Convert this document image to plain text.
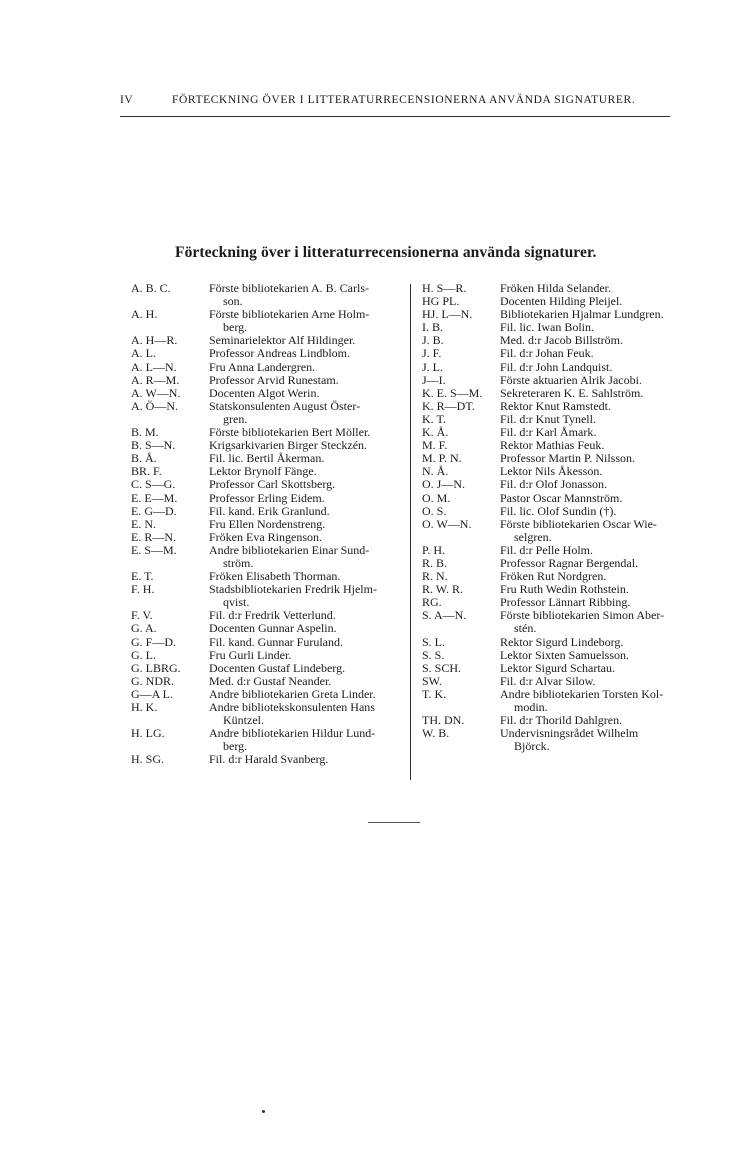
IV	FÖRTECKNING ÖVER I LITTERATURRECENSIONERNA ANVÄNDA SIGNATURER.
Förteckning över i litteraturrecensionerna använda signaturer.
A. B. C.	Förste bibliotekarien A. B. Carls-
son.
A. H.	Förste bibliotekarien Arne Holm-
berg.
A. H—R.	Seminarielektor Alf Hildinger.
A. L.	Professor Andreas Lindblom.
A. L—N.	Fru Anna Landergren.
A. R—M.	Professor Arvid Runestam.
A. W—N.	Docenten Algot Werin.
A. Ö—N.	Statskonsulenten August Öster-
gren.
B. M.	Förste bibliotekarien Bert Möller.
B. S—N.	Krigsarkivarien Birger Steckzén.
B. Å.	Fil. lic. Bertil Åkerman.
BR. F.	Lektor Brynolf Fänge.
C. S—G.	Professor Carl Skottsberg.
E. E—M.	Professor Erling Eidem.
E. G—D.	Fil. kand. Erik Granlund.
E. N.	Fru Ellen Nordenstreng.
E. R—N.	Fröken Eva Ringenson.
E. S—M.	Andre bibliotekarien Einar Sund-
ström.
E. T.	Fröken Elisabeth Thorman.
F. H.	Stadsbibliotekarien Fredrik Hjelm-
qvist.
F. V.	Fil. d:r Fredrik Vetterlund.
G. A.	Docenten Gunnar Aspelin.
G. F—D.	Fil. kand. Gunnar Furuland.
G. L.	Fru Gurli Linder.
G. LBRG.	Docenten Gustaf Lindeberg.
G. NDR.	Med. d:r Gustaf Neander.
G—A L.	Andre bibliotekarien Greta Linder.
H. K.	Andre bibliotekskonsulenten Hans
Küntzel.
H. LG.	Andre bibliotekarien Hildur Lund-
berg.
H. SG.	Fil. d:r Harald Svanberg.
H. S—R.	Fröken Hilda Selander.
HG PL.	Docenten Hilding Pleijel.
HJ. L—N.	Bibliotekarien Hjalmar Lundgren.
I. B.	Fil. lic. Iwan Bolin.
J. B.	Med. d:r Jacob Billström.
J. F.	Fil. d:r Johan Feuk.
J. L.	Fil. d:r John Landquist.
J—I.	Förste aktuarien Alrik Jacobi.
K. E. S—M.	Sekreteraren K. E. Sahlström.
K. R—DT.	Rektor Knut Ramstedt.
K. T.	Fil. d:r Knut Tynell.
K. Å.	Fil. d:r Karl Åmark.
M. F.	Rektor Mathias Feuk.
M. P. N.	Professor Martin P. Nilsson.
N. Å.	Lektor Nils Åkesson.
O. J—N.	Fil. d:r Olof Jonasson.
O. M.	Pastor Oscar Mannström.
O. S.	Fil. lic. Olof Sundin (†).
O. W—N.	Förste bibliotekarien Oscar Wie-
selgren.
P. H.	Fil. d:r Pelle Holm.
R. B.	Professor Ragnar Bergendal.
R. N.	Fröken Rut Nordgren.
R. W. R.	Fru Ruth Wedin Rothstein.
RG.	Professor Lännart Ribbing.
S. A—N.	Förste bibliotekarien Simon Aber-
stén.
S. L.	Rektor Sigurd Lindeborg.
S. S.	Lektor Sixten Samuelsson.
S. SCH.	Lektor Sigurd Schartau.
SW.	Fil. d:r Alvar Silow.
T. K.	Andre bibliotekarien Torsten Kol-
modin.
TH. DN.	Fil. d:r Thorild Dahlgren.
W. B.	Undervisningsrådet Wilhelm
Björck.
